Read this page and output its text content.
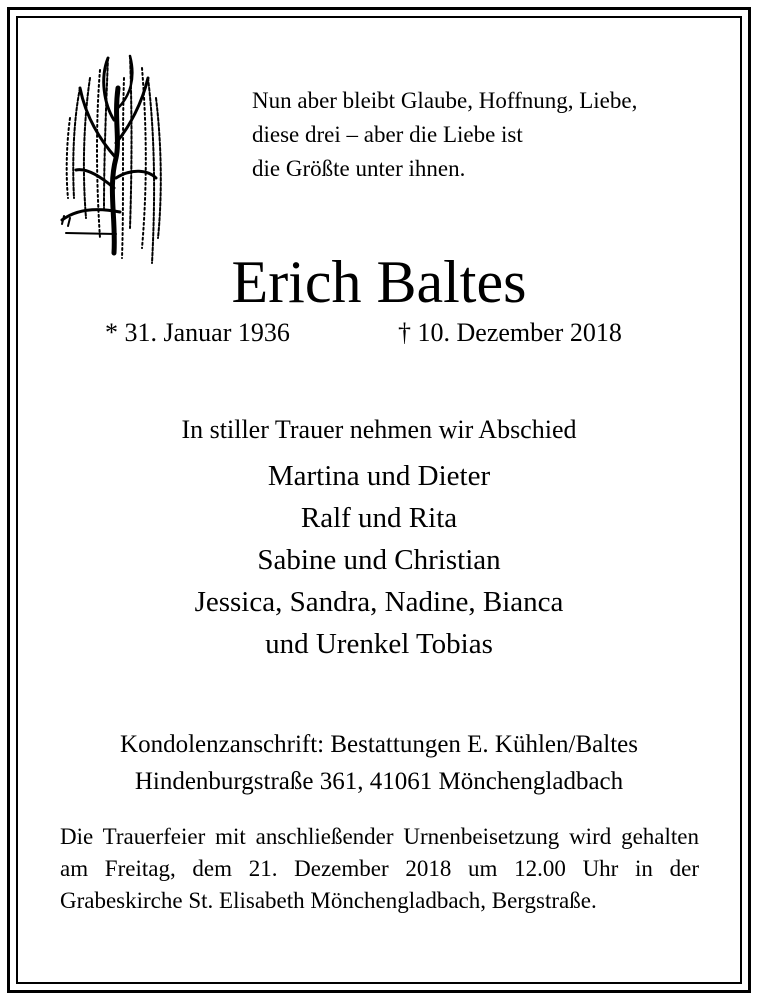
Nun aber bleibt Glaube, Hoffnung, Liebe,
diese drei – aber die Liebe ist
die Größte unter ihnen.
Erich Baltes
* 31. Januar 1936	† 10. Dezember 2018
In stiller Trauer nehmen wir Abschied
Martina und Dieter
Ralf und Rita
Sabine und Christian
Jessica, Sandra, Nadine, Bianca
und Urenkel Tobias
Kondolenzanschrift: Bestattungen E. Kühlen/Baltes
Hindenburgstraße 361, 41061 Mönchengladbach
Die Trauerfeier mit anschließender Urnenbeisetzung wird gehalten am Freitag, dem 21. Dezember 2018 um 12.00 Uhr in der Grabeskirche St. Elisabeth Mönchengladbach, Bergstraße.
